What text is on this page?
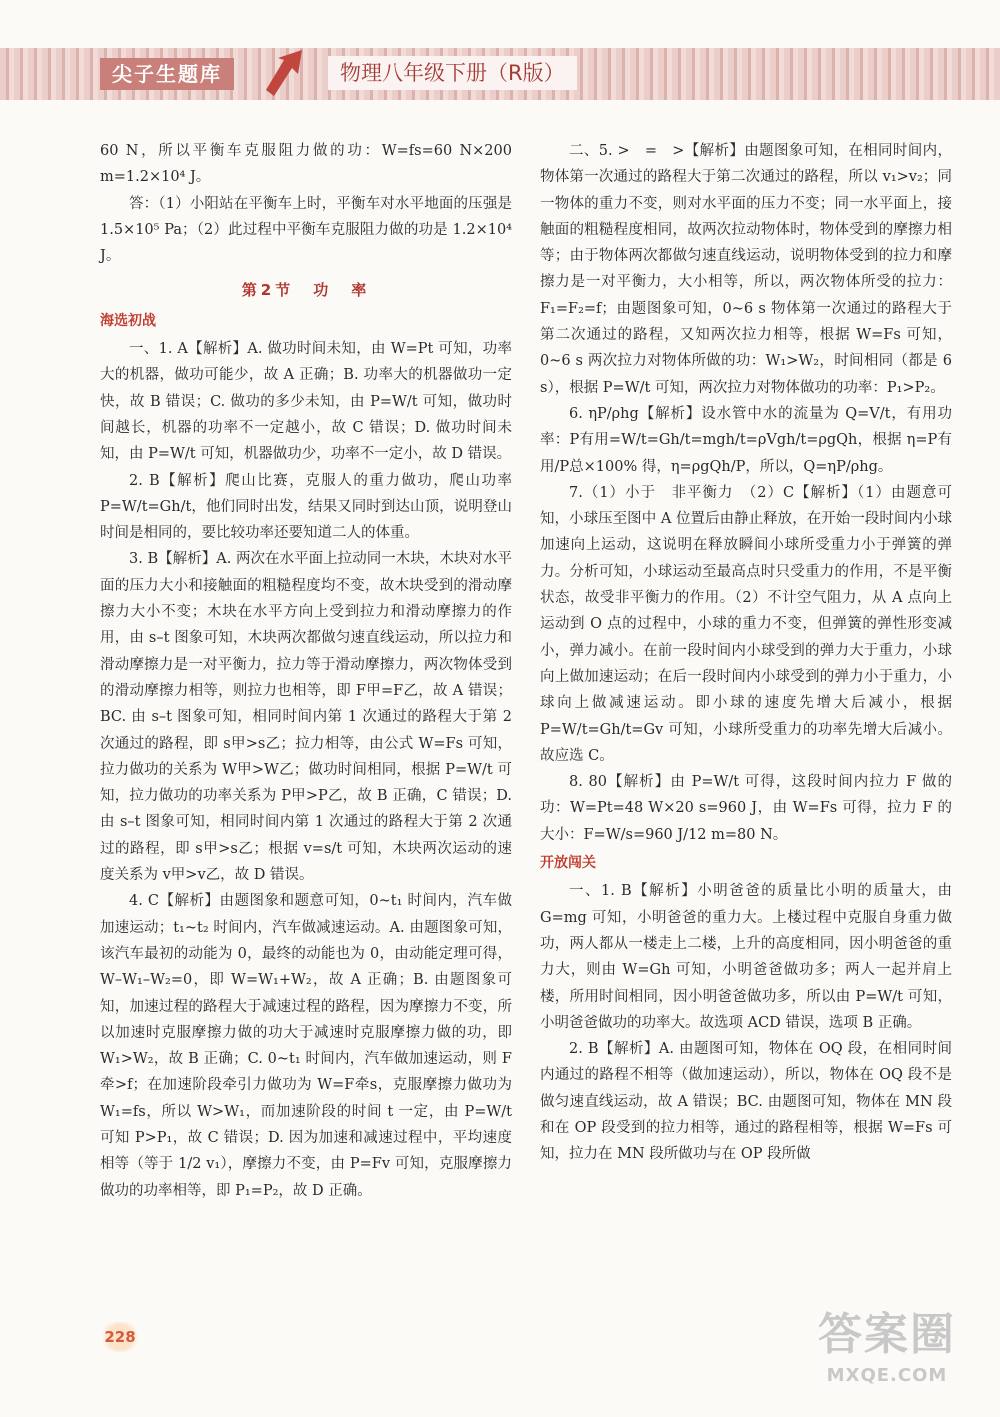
尖子生题库	物理八年级下册（R版）

60 N，所以平衡车克服阻力做的功：W=fs=60 N×200 m=1.2×10⁴ J。

答：（1）小阳站在平衡车上时，平衡车对水平地面的压强是 1.5×10⁵ Pa；（2）此过程中平衡车克服阻力做的功是 1.2×10⁴ J。

第2节　功　率
海选初战

一、1. A【解析】A. 做功时间未知，由 W=Pt 可知，功率大的机器，做功可能少，故 A 正确；B. 功率大的机器做功一定快，故 B 错误；C. 做功的多少未知，由 P=W/t 可知，做功时间越长，机器的功率不一定越小，故 C 错误；D. 做功时间未知，由 P=W/t 可知，机器做功少，功率不一定小，故 D 错误。

2. B【解析】爬山比赛，克服人的重力做功，爬山功率 P=W/t=Gh/t，他们同时出发，结果又同时到达山顶，说明登山时间是相同的，要比较功率还要知道二人的体重。

3. B【解析】A. 两次在水平面上拉动同一木块，木块对水平面的压力大小和接触面的粗糙程度均不变，故木块受到的滑动摩擦力大小不变；木块在水平方向上受到拉力和滑动摩擦力的作用，由 s–t 图象可知，木块两次都做匀速直线运动，所以拉力和滑动摩擦力是一对平衡力，拉力等于滑动摩擦力，两次物体受到的滑动摩擦力相等，则拉力也相等，即 F甲=F乙，故 A 错误；BC. 由 s–t 图象可知，相同时间内第 1 次通过的路程大于第 2 次通过的路程，即 s甲>s乙；拉力相等，由公式 W=Fs 可知，拉力做功的关系为 W甲>W乙；做功时间相同，根据 P=W/t 可知，拉力做功的功率关系为 P甲>P乙，故 B 正确，C 错误；D. 由 s–t 图象可知，相同时间内第 1 次通过的路程大于第 2 次通过的路程，即 s甲>s乙；根据 v=s/t 可知，木块两次运动的速度关系为 v甲>v乙，故 D 错误。

4. C【解析】由题图象和题意可知，0~t₁ 时间内，汽车做加速运动；t₁~t₂ 时间内，汽车做减速运动。A. 由题图象可知，该汽车最初的动能为 0，最终的动能也为 0，由动能定理可得，W–W₁–W₂=0，即 W=W₁+W₂，故 A 正确；B. 由题图象可知，加速过程的路程大于减速过程的路程，因为摩擦力不变，所以加速时克服摩擦力做的功大于减速时克服摩擦力做的功，即 W₁>W₂，故 B 正确；C. 0~t₁ 时间内，汽车做加速运动，则 F牵>f；在加速阶段牵引力做功为 W=F牵s，克服摩擦力做功为 W₁=fs，所以 W>W₁，而加速阶段的时间 t 一定，由 P=W/t 可知 P>P₁，故 C 错误；D. 因为加速和减速过程中，平均速度相等（等于 1/2 v₁），摩擦力不变，由 P=Fv 可知，克服摩擦力做功的功率相等，即 P₁=P₂，故 D 正确。

二、5. >　=　>【解析】由题图象可知，在相同时间内，物体第一次通过的路程大于第二次通过的路程，所以 v₁>v₂；同一物体的重力不变，则对水平面的压力不变；同一水平面上，接触面的粗糙程度相同，故两次拉动物体时，物体受到的摩擦力相等；由于物体两次都做匀速直线运动，说明物体受到的拉力和摩擦力是一对平衡力，大小相等，所以，两次物体所受的拉力：F₁=F₂=f；由题图象可知，0~6 s 物体第一次通过的路程大于第二次通过的路程，又知两次拉力相等，根据 W=Fs 可知，0~6 s 两次拉力对物体所做的功：W₁>W₂，时间相同（都是 6 s），根据 P=W/t 可知，两次拉力对物体做功的功率：P₁>P₂。

6. ηP/ρhg【解析】设水管中水的流量为 Q=V/t，有用功率：P有用=W/t=Gh/t=mgh/t=ρVgh/t=ρgQh，根据 η=P有用/P总×100% 得，η=ρgQh/P，所以，Q=ηP/ρhg。

7.（1）小于　非平衡力　（2）C【解析】（1）由题意可知，小球压至图中 A 位置后由静止释放，在开始一段时间内小球加速向上运动，这说明在释放瞬间小球所受重力小于弹簧的弹力。分析可知，小球运动至最高点时只受重力的作用，不是平衡状态，故受非平衡力的作用。（2）不计空气阻力，从 A 点向上运动到 O 点的过程中，小球的重力不变，但弹簧的弹性形变减小，弹力减小。在前一段时间内小球受到的弹力大于重力，小球向上做加速运动；在后一段时间内小球受到的弹力小于重力，小球向上做减速运动。即小球的速度先增大后减小，根据 P=W/t=Gh/t=Gv 可知，小球所受重力的功率先增大后减小。故应选 C。

8. 80【解析】由 P=W/t 可得，这段时间内拉力 F 做的功：W=Pt=48 W×20 s=960 J，由 W=Fs 可得，拉力 F 的大小：F=W/s=960 J/12 m=80 N。

开放闯关

一、1. B【解析】小明爸爸的质量比小明的质量大，由 G=mg 可知，小明爸爸的重力大。上楼过程中克服自身重力做功，两人都从一楼走上二楼，上升的高度相同，因小明爸爸的重力大，则由 W=Gh 可知，小明爸爸做功多；两人一起并肩上楼，所用时间相同，因小明爸爸做功多，所以由 P=W/t 可知，小明爸爸做功的功率大。故选项 ACD 错误，选项 B 正确。

2. B【解析】A. 由题图可知，物体在 OQ 段，在相同时间内通过的路程不相等（做加速运动），所以，物体在 OQ 段不是做匀速直线运动，故 A 错误；BC. 由题图可知，物体在 MN 段和在 OP 段受到的拉力相等，通过的路程相等，根据 W=Fs 可知，拉力在 MN 段所做功与在 OP 段所做

228	答案圈
MXQE.COM
